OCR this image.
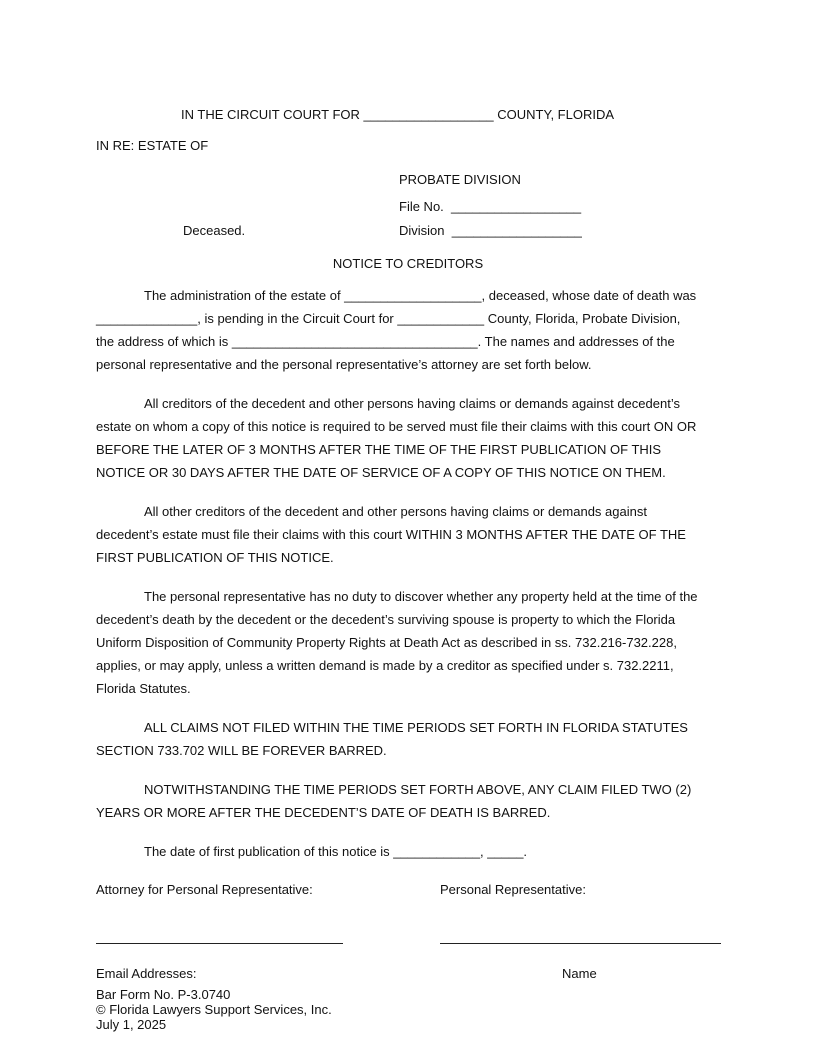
IN THE CIRCUIT COURT FOR __________________ COUNTY, FLORIDA
IN RE: ESTATE OF
PROBATE DIVISION
File No.  __________________
Deceased.	Division  __________________
NOTICE TO CREDITORS
The administration of the estate of ___________________, deceased, whose date of death was
______________, is pending in the Circuit Court for ____________ County, Florida, Probate Division,
the address of which is __________________________________. The names and addresses of the
personal representative and the personal representative’s attorney are set forth below.
All creditors of the decedent and other persons having claims or demands against decedent’s
estate on whom a copy of this notice is required to be served must file their claims with this court ON OR
BEFORE THE LATER OF 3 MONTHS AFTER THE TIME OF THE FIRST PUBLICATION OF THIS
NOTICE OR 30 DAYS AFTER THE DATE OF SERVICE OF A COPY OF THIS NOTICE ON THEM.
All other creditors of the decedent and other persons having claims or demands against
decedent’s estate must file their claims with this court WITHIN 3 MONTHS AFTER THE DATE OF THE
FIRST PUBLICATION OF THIS NOTICE.
The personal representative has no duty to discover whether any property held at the time of the
decedent’s death by the decedent or the decedent’s surviving spouse is property to which the Florida
Uniform Disposition of Community Property Rights at Death Act as described in ss. 732.216-732.228,
applies, or may apply, unless a written demand is made by a creditor as specified under s. 732.2211,
Florida Statutes.
ALL CLAIMS NOT FILED WITHIN THE TIME PERIODS SET FORTH IN FLORIDA STATUTES
SECTION 733.702 WILL BE FOREVER BARRED.
NOTWITHSTANDING THE TIME PERIODS SET FORTH ABOVE, ANY CLAIM FILED TWO (2)
YEARS OR MORE AFTER THE DECEDENT’S DATE OF DEATH IS BARRED.
The date of first publication of this notice is ____________, _____.
Attorney for Personal Representative:	Personal Representative:
Email Addresses:	Name
Bar Form No. P-3.0740
© Florida Lawyers Support Services, Inc.
July 1, 2025
